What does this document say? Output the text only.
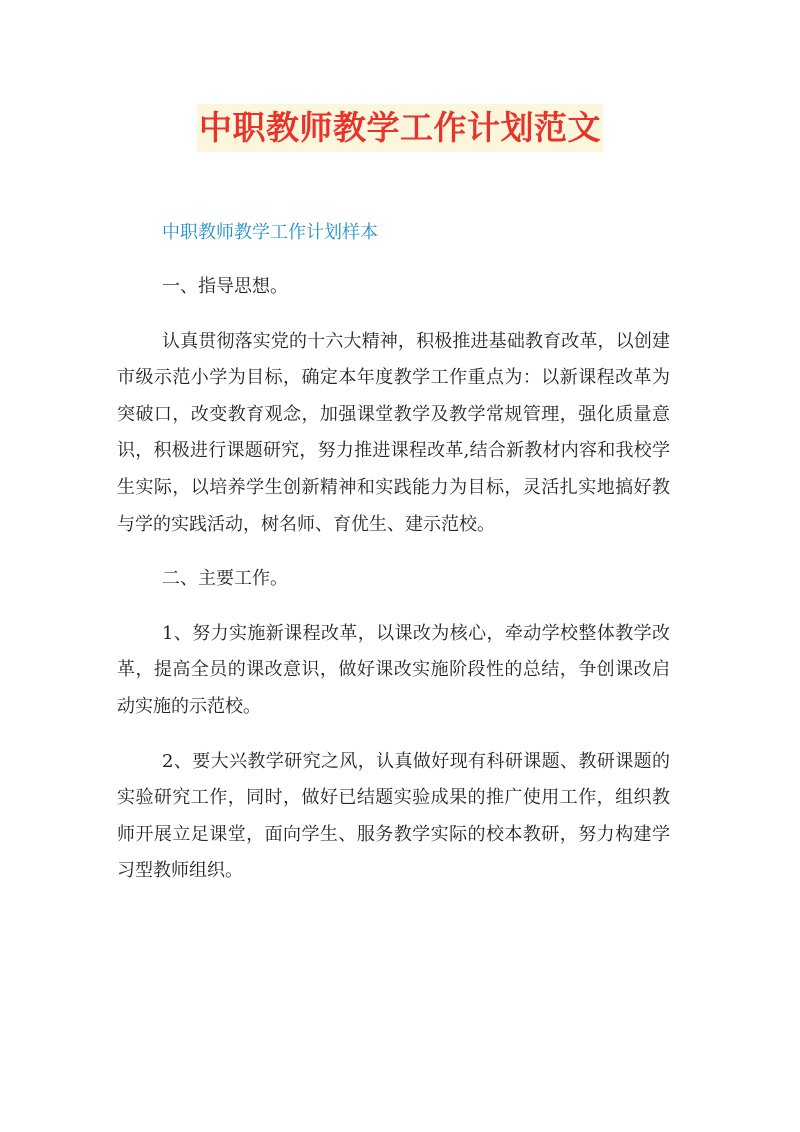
中职教师教学工作计划范文
中职教师教学工作计划样本

一、指导思想。

认真贯彻落实党的十六大精神，积极推进基础教育改革，以创建市级示范小学为目标，确定本年度教学工作重点为：以新课程改革为突破口，改变教育观念，加强课堂教学及教学常规管理，强化质量意识，积极进行课题研究，努力推进课程改革,结合新教材内容和我校学生实际，以培养学生创新精神和实践能力为目标，灵活扎实地搞好教与学的实践活动，树名师、育优生、建示范校。

二、主要工作。

1、努力实施新课程改革，以课改为核心，牵动学校整体教学改革，提高全员的课改意识，做好课改实施阶段性的总结，争创课改启动实施的示范校。

2、要大兴教学研究之风，认真做好现有科研课题、教研课题的实验研究工作，同时，做好已结题实验成果的推广使用工作，组织教师开展立足课堂，面向学生、服务教学实际的校本教研，努力构建学习型教师组织。
